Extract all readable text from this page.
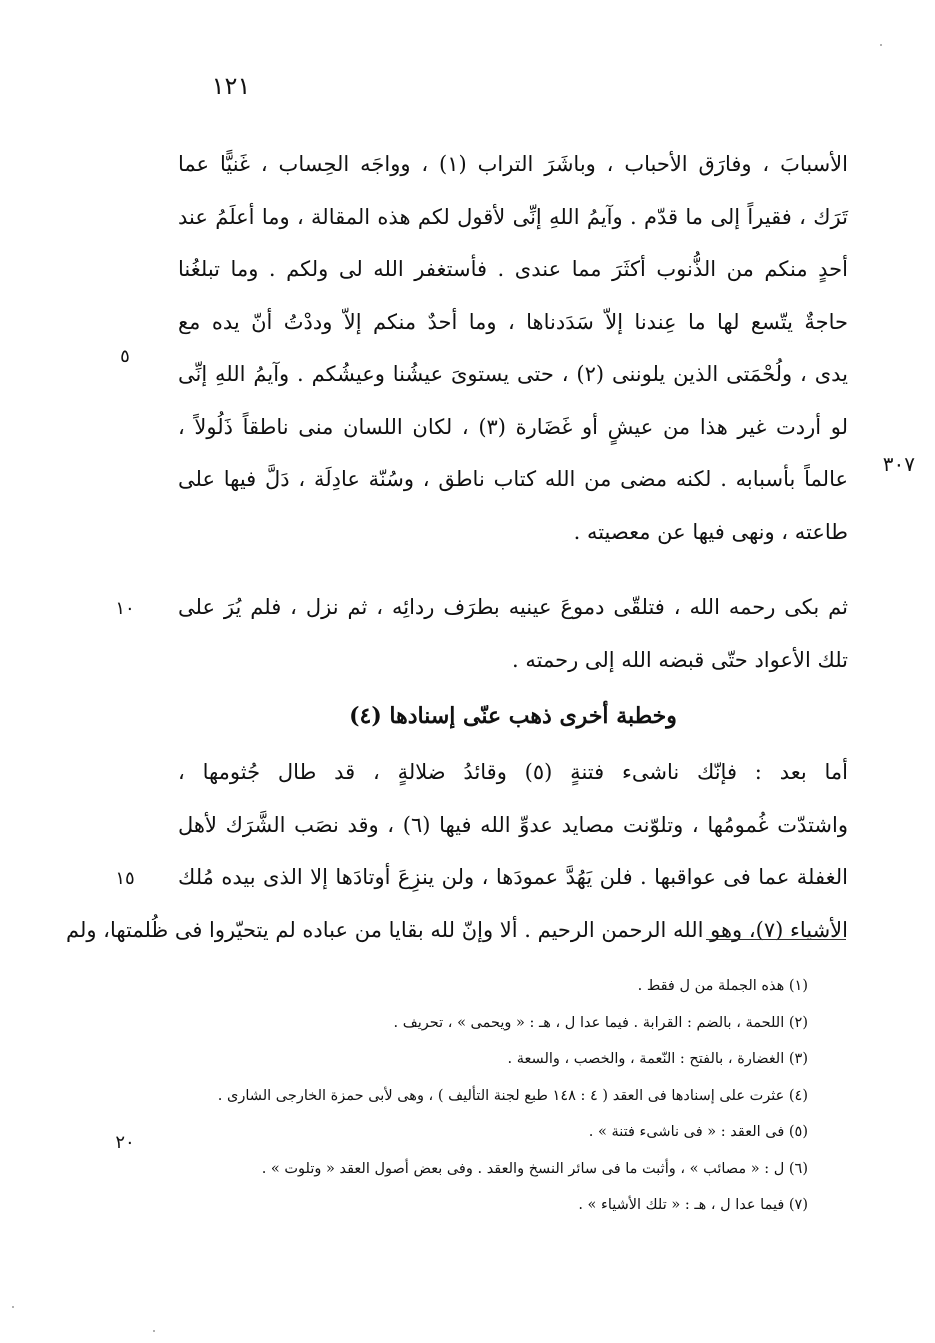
١٢١
الأسبابَ ، وفارَق الأحباب ، وباشَرَ التراب (١) ، وواجَه الحِساب ، غَنيًّا عما
تَرَك ، فقيراً إلى ما قدّم . وآيمُ اللهِ إنِّى لأقول لكم هذه المقالة ، وما أعلَمُ عند
أحدٍ منكم من الذُّنوب أكثَرَ مما عندى . فأستغفر الله لى ولكم . وما تبلغُنا
حاجةٌ يتّسع لها ما عِندنا إلاّ سَدَدناها ، وما أحدٌ منكم إلاّ وددْتُ أنّ يده مع
يدى ، ولُحْمَتى الذين يلوننى (٢) ، حتى يستوىَ عيشُنا وعيشُكم . وآيمُ اللهِ إنِّى
لو أردت غير هذا من عيشٍ أو غَضَارة (٣) ، لكان اللسان منى ناطقاً ذَلُولاً ،
عالماً بأسبابه . لكنه مضى من الله كتاب ناطق ، وسُنّة عادِلَة ، دَلَّ فيها على
طاعته ، ونهى فيها عن معصيته .
ثم بكى رحمه الله ، فتلقّى دموعَ عينيه بطرَف ردائِه ، ثم نزل ، فلم يُرَ على
تلك الأعواد حتّى قبضه الله إلى رحمته .
وخطبة أخرى ذهب عنّى إسنادها (٤)
أما بعد : فإنّك ناشىء فتنةٍ (٥) وقائدُ ضلالةٍ ، قد طال جُثومها ،
واشتدّت غُمومُها ، وتلوّنت مصايد عدوِّ الله فيها (٦) ، وقد نصَب الشَّرَك لأهل
الغفلة عما فى عواقبها . فلن يَهُدَّ عمودَها ، ولن ينزِعَ أوتادَها إلا الذى بيده مُلك
الأشياء (٧)، وهو الله الرحمن الرحيم . ألا وإنّ لله بقايا من عباده لم يتحيّروا فى ظُلمتها، ولم
٥
٣٠٧
١٠
١٥
٢٠
(١) هذه الجملة من ل فقط .
(٢) اللحمة ، بالضم : القرابة . فيما عدا ل ، هـ : « ويحمى » ، تحريف .
(٣) الغضارة ، بالفتح : النّعمة ، والخصب ، والسعة .
(٤) عثرت على إسنادها فى العقد ( ٤ : ١٤٨ طبع لجنة التأليف ) ، وهى لأبى حمزة الخارجى الشارى .
(٥) فى العقد : « فى ناشىء فتنة » .
(٦) ل : « مصائب » ، وأثبت ما فى سائر النسخ والعقد . وفى بعض أصول العقد « وتلوت » .
(٧) فيما عدا ل ، هـ : « تلك الأشياء » .
